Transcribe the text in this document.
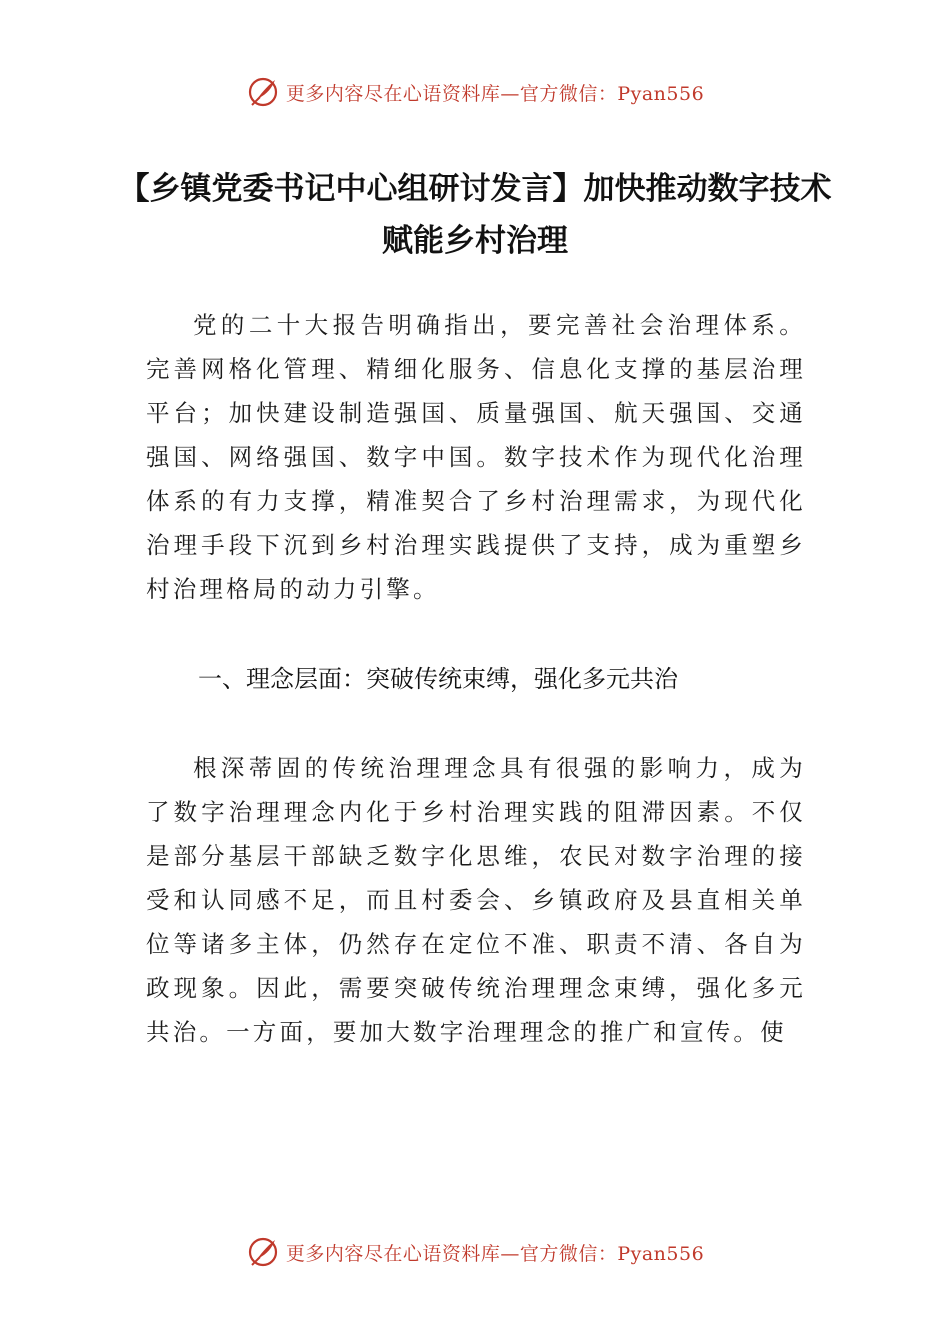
更多内容尽在心语资料库—官方微信：Pyan556
【乡镇党委书记中心组研讨发言】加快推动数字技术赋能乡村治理

党的二十大报告明确指出，要完善社会治理体系。完善网格化管理、精细化服务、信息化支撑的基层治理平台；加快建设制造强国、质量强国、航天强国、交通强国、网络强国、数字中国。数字技术作为现代化治理体系的有力支撑，精准契合了乡村治理需求，为现代化治理手段下沉到乡村治理实践提供了支持，成为重塑乡村治理格局的动力引擎。

一、理念层面：突破传统束缚，强化多元共治

根深蒂固的传统治理理念具有很强的影响力，成为了数字治理理念内化于乡村治理实践的阻滞因素。不仅是部分基层干部缺乏数字化思维，农民对数字治理的接受和认同感不足，而且村委会、乡镇政府及县直相关单位等诸多主体，仍然存在定位不准、职责不清、各自为政现象。因此，需要突破传统治理理念束缚，强化多元共治。一方面，要加大数字治理理念的推广和宣传。使

更多内容尽在心语资料库—官方微信：Pyan556
